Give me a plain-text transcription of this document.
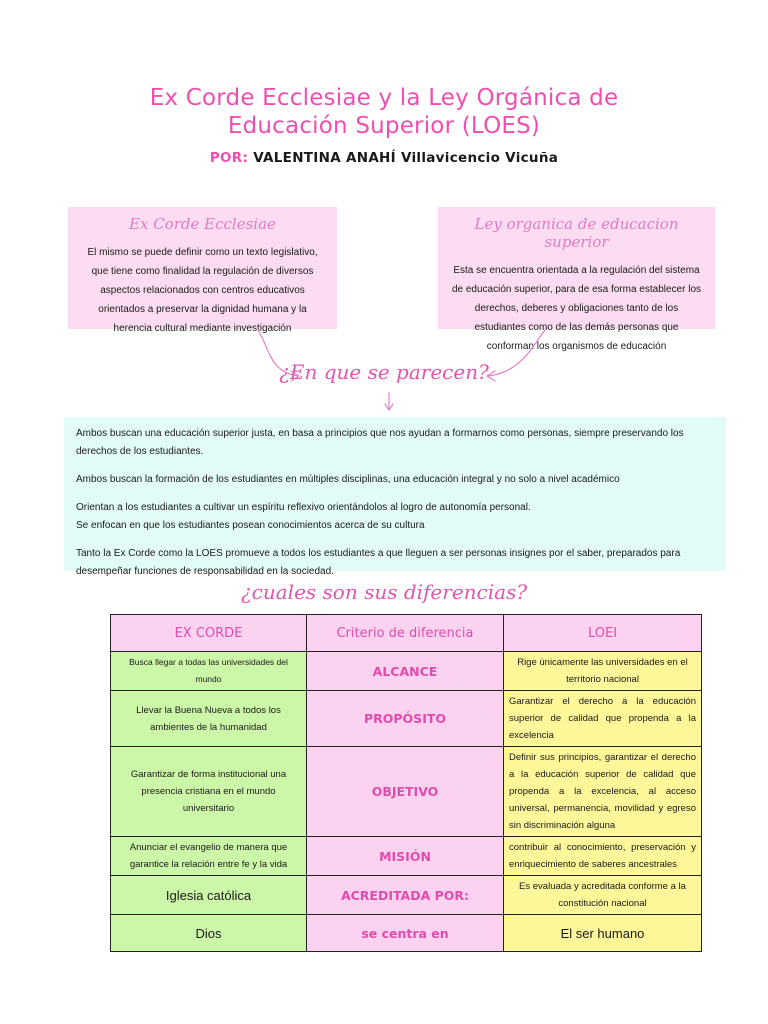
Ex Corde Ecclesiae y la Ley Orgánica de
Educación Superior (LOES)
POR: VALENTINA ANAHÍ Villavicencio Vicuña
Ex Corde Ecclesiae
El mismo se puede definir como un texto legislativo, que tiene como finalidad la regulación de diversos aspectos relacionados con centros educativos orientados a preservar la dignidad humana y la herencia cultural mediante investigación
Ley organica de educacion superior
Esta se encuentra orientada a la regulación del sistema de educación superior, para de esa forma establecer los derechos, deberes y obligaciones tanto de los estudiantes como de las demás personas que conforman los organismos de educación
¿En que se parecen?

Ambos buscan una educación superior justa, en basa a principios que nos ayudan a formarnos como personas, siempre preservando los derechos de los estudiantes.

Ambos buscan la formación de los estudiantes en múltiples disciplinas, una educación integral y no solo a nivel académico

Orientan a los estudiantes a cultivar un espíritu reflexivo orientándolos al logro de autonomía personal.

Se enfocan en que los estudiantes posean conocimientos acerca de su cultura

Tanto la Ex Corde como la LOES promueve a todos los estudiantes a que lleguen a ser personas insignes por el saber, preparados para desempeñar funciones de responsabilidad en la sociedad.

¿cuales son sus diferencias?
EX CORDE	Criterio de diferencia	LOEI
Busca llegar a todas las universidades del mundo	ALCANCE	Rige únicamente las universidades en el territorio nacional
Llevar la Buena Nueva a todos los ambientes de la humanidad	PROPÓSITO	Garantizar el derecho a la educación superior de calidad que propenda a la excelencia
Garantizar de forma institucional una presencia cristiana en el mundo universitario	OBJETIVO	Definir sus principios, garantizar el derecho a la educación superior de calidad que propenda a la excelencia, al acceso universal, permanencia, movilidad y egreso sin discriminación alguna
Anunciar el evangelio de manera que garantice la relación entre fe y la vida	MISIÓN	contribuir al conocimiento, preservación y enriquecimiento de saberes ancestrales
Iglesia católica	ACREDITADA POR:	Es evaluada y acreditada conforme a la constitución nacional
Dios	se centra en	El ser humano
